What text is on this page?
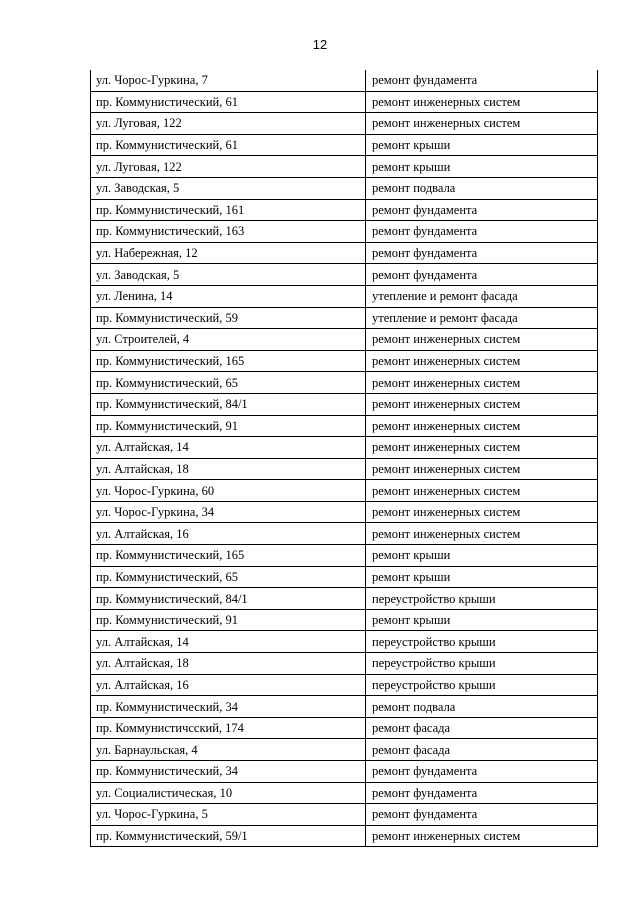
12
ул. Чорос-Гуркина, 7	ремонт фундамента
пр. Коммунистический, 61	ремонт инженерных систем
ул. Луговая, 122	ремонт инженерных систем
пр. Коммунистический, 61	ремонт крыши
ул. Луговая, 122	ремонт крыши
ул. Заводская, 5	ремонт подвала
пр. Коммунистический, 161	ремонт фундамента
пр. Коммунистический, 163	ремонт фундамента
ул. Набережная, 12	ремонт фундамента
ул. Заводская, 5	ремонт фундамента
ул. Ленина, 14	утепление и ремонт фасада
пр. Коммунистический, 59	утепление и ремонт фасада
ул. Строителей, 4	ремонт инженерных систем
пр. Коммунистический, 165	ремонт инженерных систем
пр. Коммунистический, 65	ремонт инженерных систем
пр. Коммунистический, 84/1	ремонт инженерных систем
пр. Коммунистический, 91	ремонт инженерных систем
ул. Алтайская, 14	ремонт инженерных систем
ул. Алтайская, 18	ремонт инженерных систем
ул. Чорос-Гуркина, 60	ремонт инженерных систем
ул. Чорос-Гуркина, 34	ремонт инженерных систем
ул. Алтайская, 16	ремонт инженерных систем
пр. Коммунистический, 165	ремонт крыши
пр. Коммунистический, 65	ремонт крыши
пр. Коммунистический, 84/1	переустройство крыши
пр. Коммунистический, 91	ремонт крыши
ул. Алтайская, 14	переустройство крыши
ул. Алтайская, 18	переустройство крыши
ул. Алтайская, 16	переустройство крыши
пр. Коммунистический, 34	ремонт подвала
пр. Коммунистичсский, 174	ремонт фасада
ул. Барнаульская, 4	ремонт фасада
пр. Коммунистический, 34	ремонт фундамента
ул. Социалистическая, 10	ремонт фундамента
ул. Чорос-Гуркина, 5	ремонт фундамента
пр. Коммунистический, 59/1	ремонт инженерных систем
